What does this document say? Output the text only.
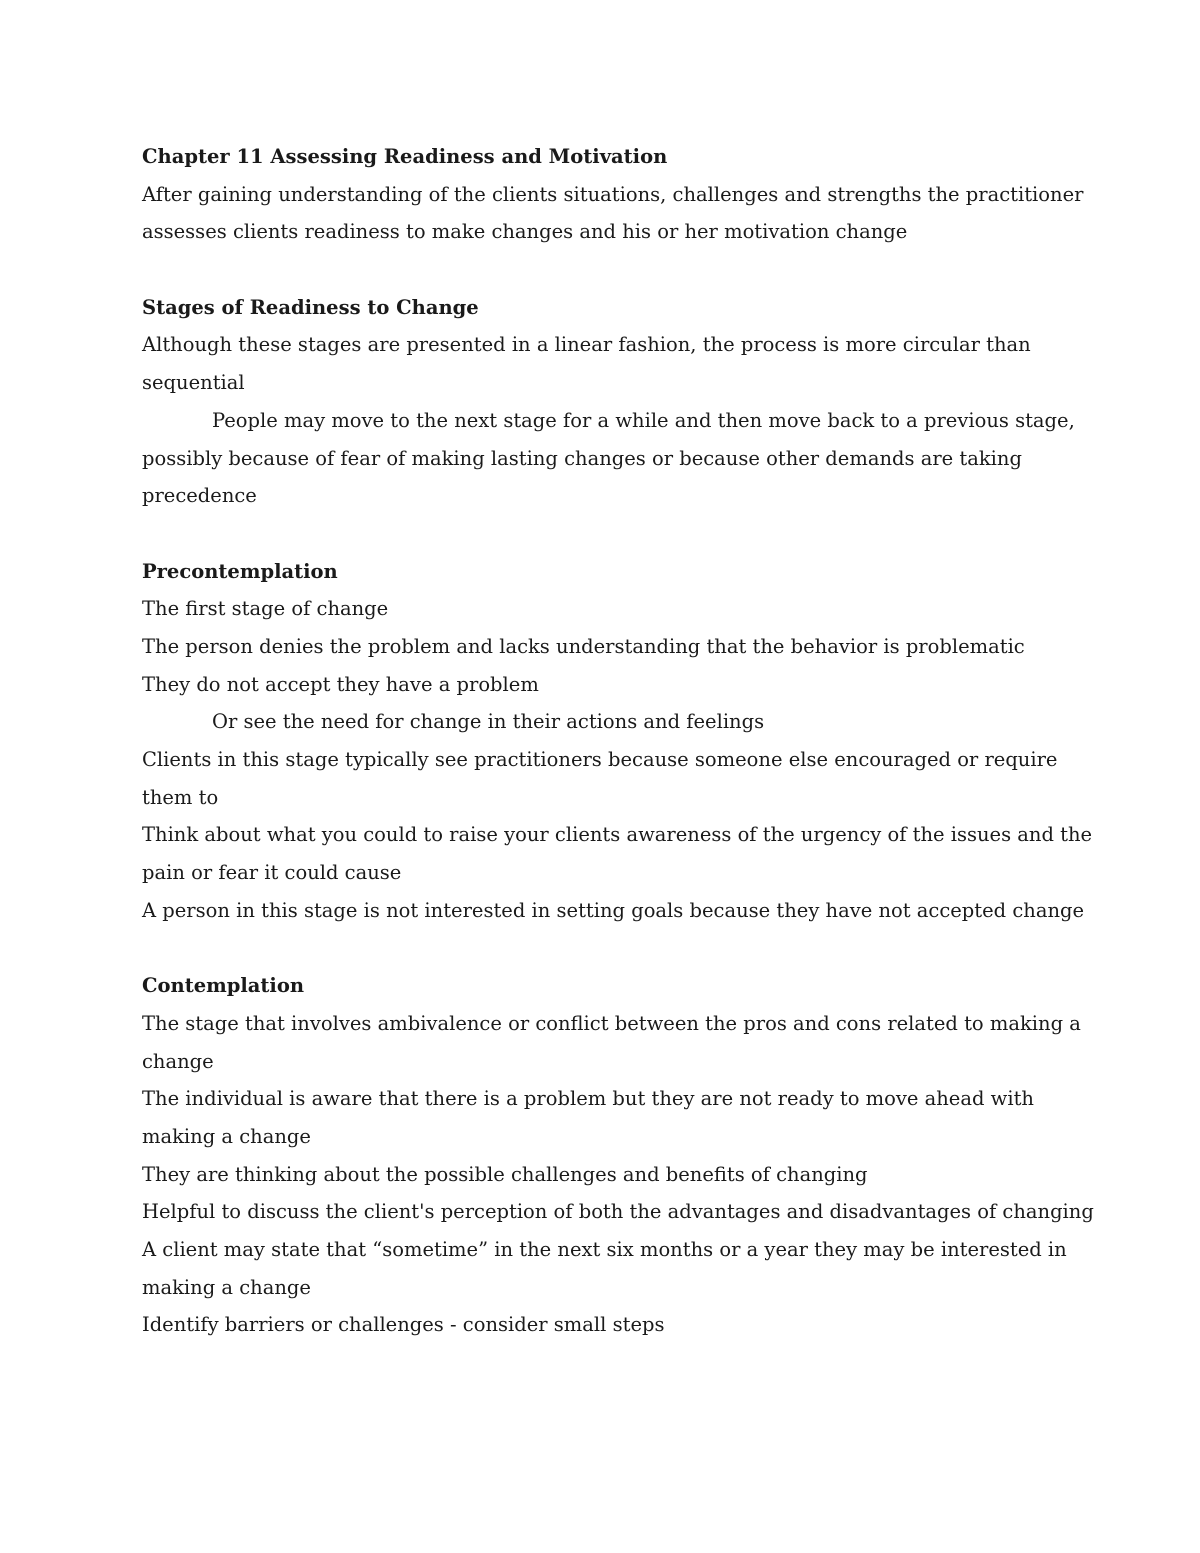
Chapter 11 Assessing Readiness and Motivation
After gaining understanding of the clients situations, challenges and strengths the practitioner
assesses clients readiness to make changes and his or her motivation change
Stages of Readiness to Change
Although these stages are presented in a linear fashion, the process is more circular than
sequential
People may move to the next stage for a while and then move back to a previous stage,
possibly because of fear of making lasting changes or because other demands are taking
precedence
Precontemplation
The first stage of change
The person denies the problem and lacks understanding that the behavior is problematic
They do not accept they have a problem
Or see the need for change in their actions and feelings
Clients in this stage typically see practitioners because someone else encouraged or require
them to
Think about what you could to raise your clients awareness of the urgency of the issues and the
pain or fear it could cause
A person in this stage is not interested in setting goals because they have not accepted change
Contemplation
The stage that involves ambivalence or conflict between the pros and cons related to making a
change
The individual is aware that there is a problem but they are not ready to move ahead with
making a change
They are thinking about the possible challenges and benefits of changing
Helpful to discuss the client's perception of both the advantages and disadvantages of changing
A client may state that “sometime” in the next six months or a year they may be interested in
making a change
Identify barriers or challenges - consider small steps
